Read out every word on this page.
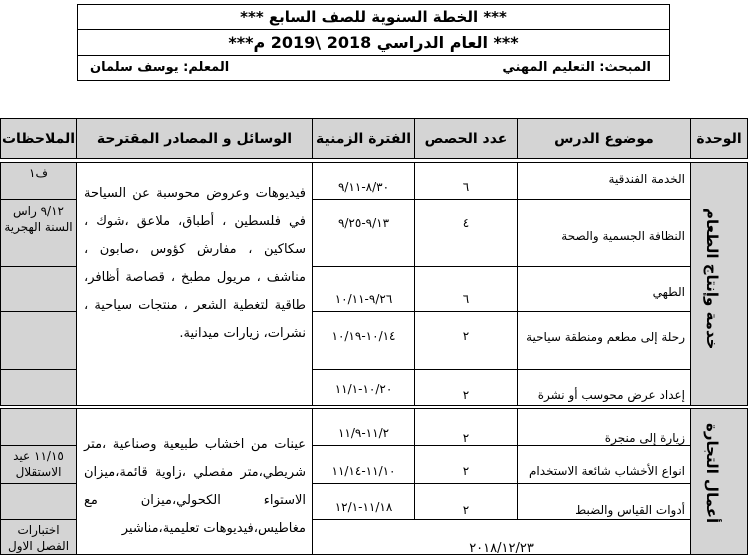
*** الخطة السنوية للصف السابع ***
*** العام الدراسي 2018 \2019 م***
المبحث: التعليم المهني
المعلم: يوسف سلمان
الوحدة
موضوع الدرس
عدد الحصص
الفترة الزمنية
الوسائل و المصادر المقترحة
الملاحظات
خدمة وإنتاج الطعام
الخدمة الفندقية
٦
٨/٣٠-٩/١١
النظافة الجسمية والصحة
٤
٩/١٣-٩/٢٥
الطهي
٦
٩/٢٦-١٠/١١
رحلة إلى مطعم ومنطقة سياحية
٢
١٠/١٤-١٠/١٩
إعداد عرض محوسب أو نشرة
٢
١٠/٢٠-١١/١
فيديوهات وعروض محوسبة عن السياحة في فلسطين ، أطباق، ملاعق ،شوك ، سكاكين ، مفارش كؤوس ،صابون ، مناشف ، مريول مطبخ ، قصاصة أظافر، طاقية لتغطية الشعر ، منتجات سياحية ، نشرات، زيارات ميدانية.
ف١
٩/١٢ راس السنة الهجرية
أعمال التجارة
زيارة إلى منجرة
٢
١١/٢-١١/٩
انواع الأخشاب شائعة الاستخدام
٢
١١/١٠-١١/١٤
أدوات القياس والضبط
٢
١١/١٨-١٢/١
٢٠١٨/١٢/٢٣
عينات من اخشاب طبيعية وصناعية ،متر شريطي،متر مفصلي ،زاوية قائمة،ميزان الاستواء الكحولي،ميزان مع مغاطيس،فيديوهات تعليمية،مناشير
١١/١٥ عيد الاستقلال
اختبارات الفصل الاول
